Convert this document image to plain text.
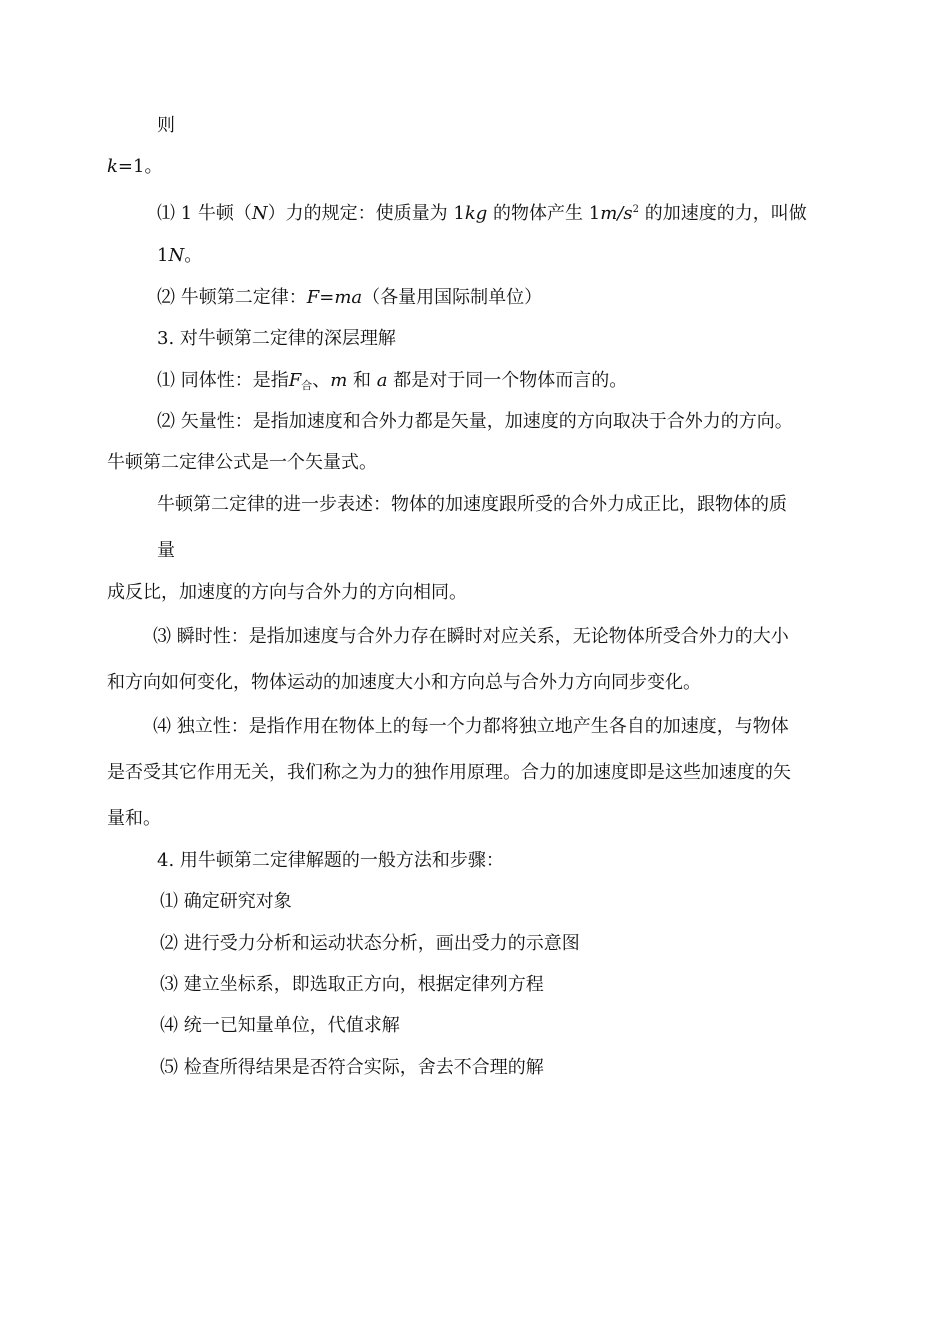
则
k=1。
⑴ 1 牛顿（N）力的规定：使质量为 1kg 的物体产生 $1m/s^2$ 的加速度的力，叫做
1N。
⑵ 牛顿第二定律：F=ma（各量用国际制单位）
3. 对牛顿第二定律的深层理解
⑴ 同体性：是指$F_合$、m 和 a 都是对于同一个物体而言的。
⑵ 矢量性：是指加速度和合外力都是矢量，加速度的方向取决于合外力的方向。
牛顿第二定律公式是一个矢量式。
牛顿第二定律的进一步表述：物体的加速度跟所受的合外力成正比，跟物体的质
量
成反比，加速度的方向与合外力的方向相同。
⑶ 瞬时性：是指加速度与合外力存在瞬时对应关系，无论物体所受合外力的大小
和方向如何变化，物体运动的加速度大小和方向总与合外力方向同步变化。
⑷ 独立性：是指作用在物体上的每一个力都将独立地产生各自的加速度，与物体
是否受其它作用无关，我们称之为力的独作用原理。合力的加速度即是这些加速度的矢
量和。
4. 用牛顿第二定律解题的一般方法和步骤：
⑴ 确定研究对象
⑵ 进行受力分析和运动状态分析，画出受力的示意图
⑶ 建立坐标系，即选取正方向，根据定律列方程
⑷ 统一已知量单位，代值求解
⑸ 检查所得结果是否符合实际，舍去不合理的解
